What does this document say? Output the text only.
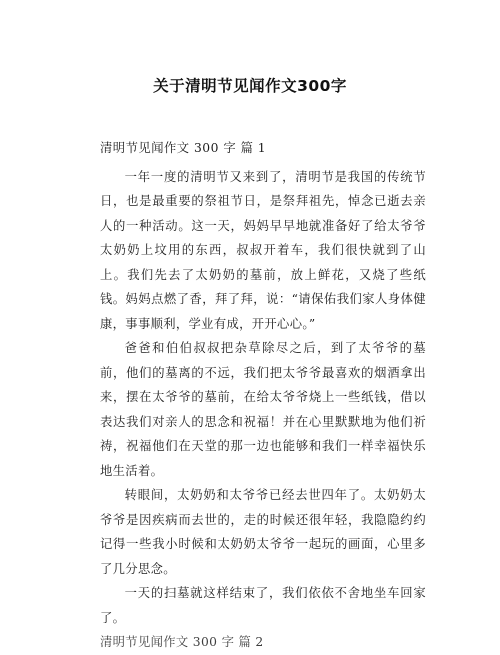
关于清明节见闻作文300字

清明节见闻作文 300 字 篇 1

一年一度的清明节又来到了，清明节是我国的传统节日，也是最重要的祭祖节日，是祭拜祖先，悼念已逝去亲人的一种活动。这一天，妈妈早早地就准备好了给太爷爷太奶奶上坟用的东西，叔叔开着车，我们很快就到了山上。我们先去了太奶奶的墓前，放上鲜花，又烧了些纸钱。妈妈点燃了香，拜了拜，说：“请保佑我们家人身体健康，事事顺利，学业有成，开开心心。”

爸爸和伯伯叔叔把杂草除尽之后，到了太爷爷的墓前，他们的墓离的不远，我们把太爷爷最喜欢的烟酒拿出来，摆在太爷爷的墓前，在给太爷爷烧上一些纸钱，借以表达我们对亲人的思念和祝福！并在心里默默地为他们祈祷，祝福他们在天堂的那一边也能够和我们一样幸福快乐地生活着。

转眼间，太奶奶和太爷爷已经去世四年了。太奶奶太爷爷是因疾病而去世的，走的时候还很年轻，我隐隐约约记得一些我小时候和太奶奶太爷爷一起玩的画面，心里多了几分思念。

一天的扫墓就这样结束了，我们依依不舍地坐车回家了。

清明节见闻作文 300 字 篇 2
